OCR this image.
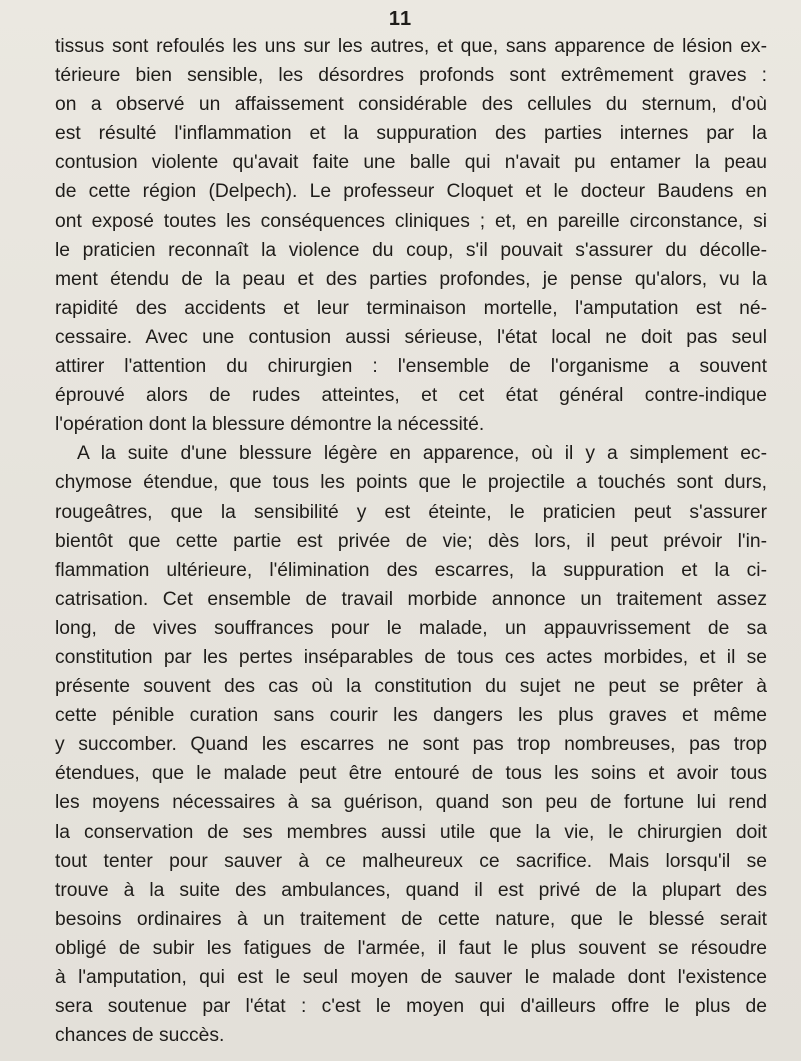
11
tissus sont refoulés les uns sur les autres, et que, sans apparence de lésion ex-
térieure bien sensible, les désordres profonds sont extrêmement graves :
on a observé un affaissement considérable des cellules du sternum, d'où
est résulté l'inflammation et la suppuration des parties internes par la
contusion violente qu'avait faite une balle qui n'avait pu entamer la peau
de cette région (Delpech). Le professeur Cloquet et le docteur Baudens en
ont exposé toutes les conséquences cliniques ; et, en pareille circonstance, si
le praticien reconnaît la violence du coup, s'il pouvait s'assurer du décolle-
ment étendu de la peau et des parties profondes, je pense qu'alors, vu la
rapidité des accidents et leur terminaison mortelle, l'amputation est né-
cessaire. Avec une contusion aussi sérieuse, l'état local ne doit pas seul
attirer l'attention du chirurgien : l'ensemble de l'organisme a souvent
éprouvé alors de rudes atteintes, et cet état général contre-indique
l'opération dont la blessure démontre la nécessité.
A la suite d'une blessure légère en apparence, où il y a simplement ec-
chymose étendue, que tous les points que le projectile a touchés sont durs,
rougeâtres, que la sensibilité y est éteinte, le praticien peut s'assurer
bientôt que cette partie est privée de vie; dès lors, il peut prévoir l'in-
flammation ultérieure, l'élimination des escarres, la suppuration et la ci-
catrisation. Cet ensemble de travail morbide annonce un traitement assez
long, de vives souffrances pour le malade, un appauvrissement de sa
constitution par les pertes inséparables de tous ces actes morbides, et il se
présente souvent des cas où la constitution du sujet ne peut se prêter à
cette pénible curation sans courir les dangers les plus graves et même
y succomber. Quand les escarres ne sont pas trop nombreuses, pas trop
étendues, que le malade peut être entouré de tous les soins et avoir tous
les moyens nécessaires à sa guérison, quand son peu de fortune lui rend
la conservation de ses membres aussi utile que la vie, le chirurgien doit
tout tenter pour sauver à ce malheureux ce sacrifice. Mais lorsqu'il se
trouve à la suite des ambulances, quand il est privé de la plupart des
besoins ordinaires à un traitement de cette nature, que le blessé serait
obligé de subir les fatigues de l'armée, il faut le plus souvent se résoudre
à l'amputation, qui est le seul moyen de sauver le malade dont l'existence
sera soutenue par l'état : c'est le moyen qui d'ailleurs offre le plus de
chances de succès.
